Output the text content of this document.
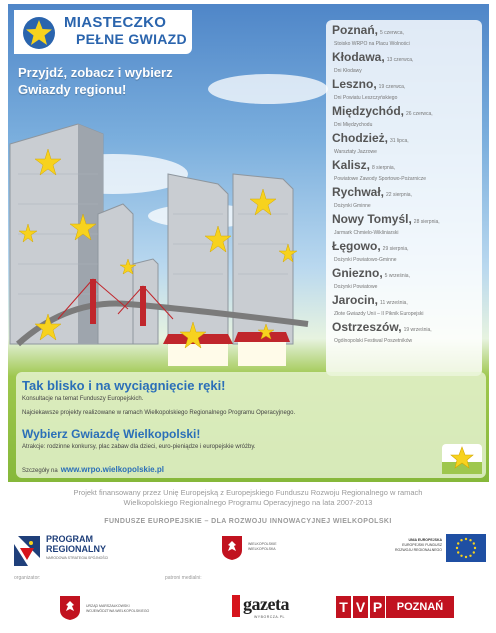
MIASTECZKO
PEŁNE GWIAZD
Przyjdź, zobacz i wybierz Gwiazdy regionu!
Poznań, 5 czerwca,
Stoisko WRPO na Placu Wolności
Kłodawa, 13 czerwca,
Dni Kłodawy
Leszno, 19 czerwca,
Dni Powiatu Leszczyńskiego
Międzychód, 26 czerwca,
Dni Międzychodu
Chodzież, 31 lipca,
Warsztaty Jazzowe
Kalisz, 8 sierpnia,
Powiatowe Zawody Sportowo-Pożarnicze
Rychwał, 22 sierpnia,
Dożynki Gminne
Nowy Tomyśl, 28 sierpnia,
Jarmark Chmielo-Wikliniarski
Łęgowo, 29 sierpnia,
Dożynki Powiatowo-Gminne
Gniezno, 5 września,
Dożynki Powiatowe
Jarocin, 11 września,
Złote Gwiazdy Unii – II Piknik Europejski
Ostrzeszów, 19 września,
Ogólnopolski Festiwal Poszetników
Tak blisko i na wyciągnięcie ręki!
Konsultacje na temat Funduszy Europejskich.
Najciekawsze projekty realizowane w ramach Wielkopolskiego Regionalnego Programu Operacyjnego.
Wybierz Gwiazdę Wielkopolski!
Atrakcje: rodzinne konkursy, plac zabaw dla dzieci, euro-pieniądze i europejskie wróżby.
Szczegóły na www.wrpo.wielkopolskie.pl
Projekt finansowany przez Unię Europejską z Europejskiego Funduszu Rozwoju Regionalnego w ramach
Wielkopolskiego Regionalnego Programu Operacyjnego na lata 2007-2013
FUNDUSZE EUROPEJSKIE – DLA ROZWOJU INNOWACYJNEJ WIELKOPOLSKI
PROGRAM
REGIONALNY
NARODOWA STRATEGIA SPÓJNOŚCI
WIELKOPOLSKIE
WIELKOPOLSKA
UNIA EUROPEJSKA
EUROPEJSKI FUNDUSZ
ROZWOJU REGIONALNEGO
organizator:	patroni medialni:
URZĄD MARSZAŁKOWSKI
WOJEWÓDZTWA WIELKOPOLSKIEGO	gazeta
WYBORCZA.PL
T V P	POZNAŃ
